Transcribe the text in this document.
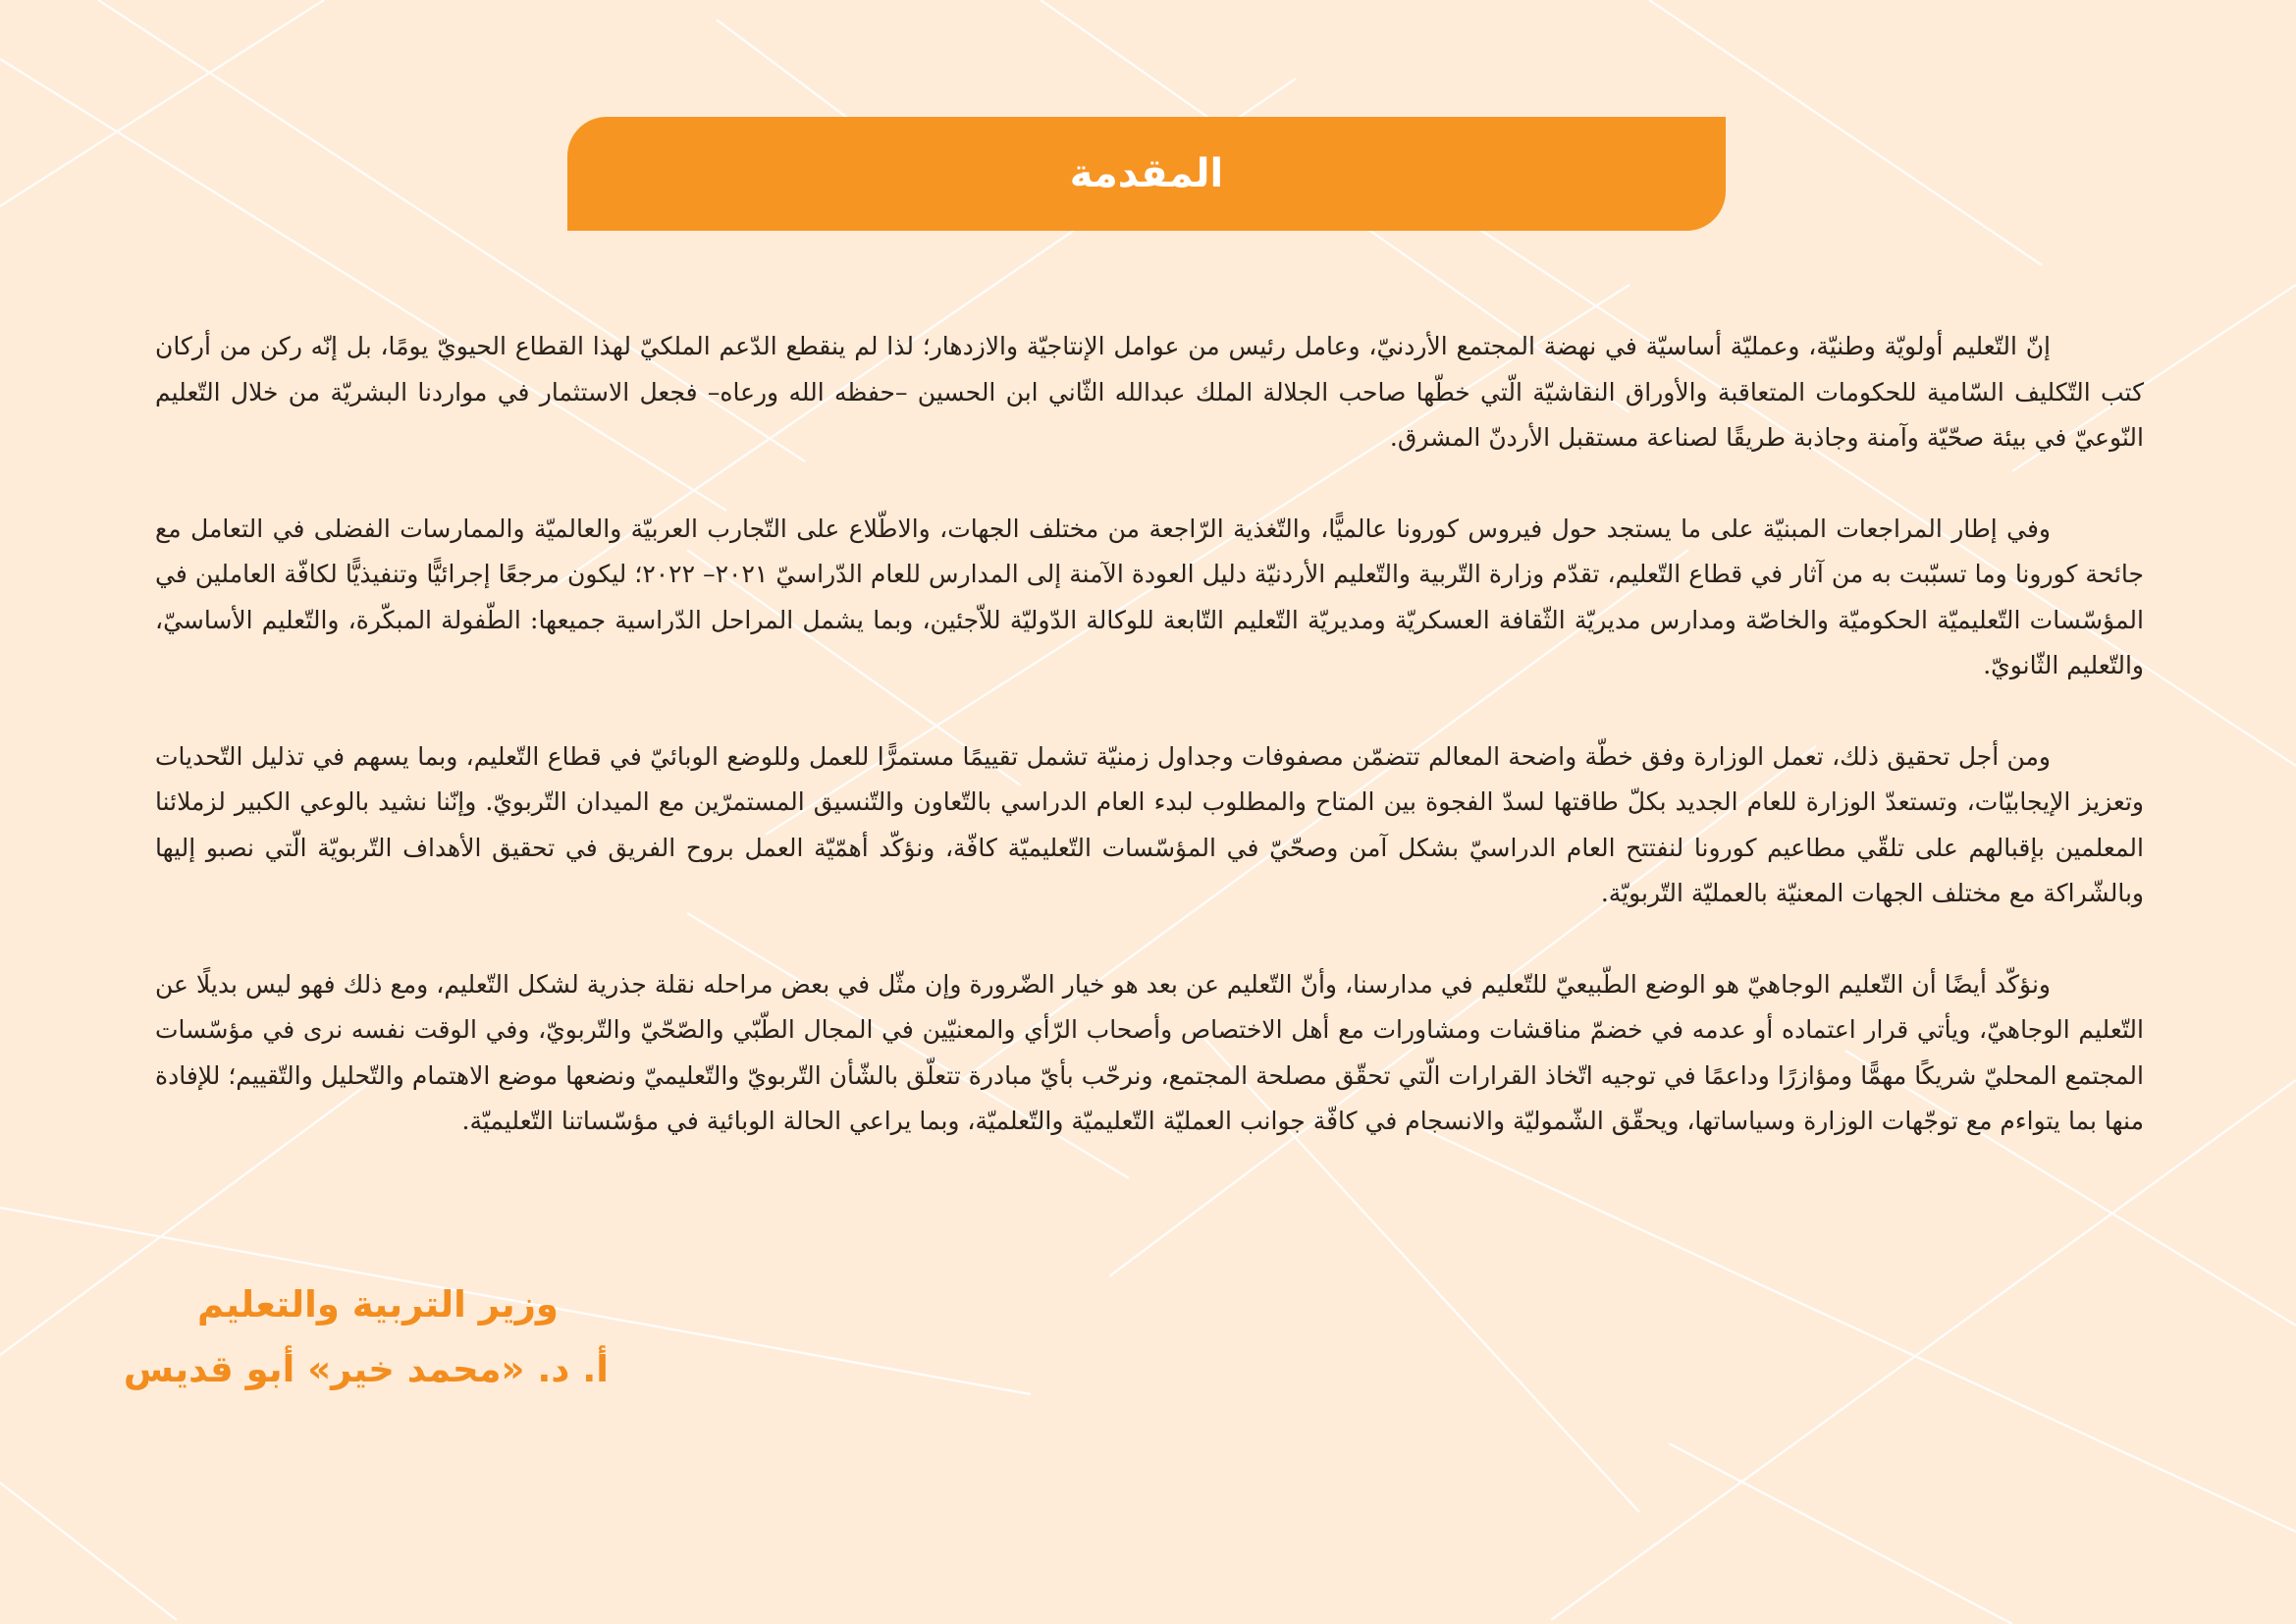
المقدمة

إنّ التّعليم أولويّة وطنيّة، وعمليّة أساسيّة في نهضة المجتمع الأردنيّ، وعامل رئيس من عوامل الإنتاجيّة والازدهار؛ لذا لم ينقطع الدّعم الملكيّ لهذا القطاع الحيويّ يومًا، بل إنّه ركن من أركان كتب التّكليف السّامية للحكومات المتعاقبة والأوراق النقاشيّة الّتي خطّها صاحب الجلالة الملك عبدالله الثّاني ابن الحسين –حفظه الله ورعاه– فجعل الاستثمار في مواردنا البشريّة من خلال التّعليم النّوعيّ في بيئة صحّيّة وآمنة وجاذبة طريقًا لصناعة مستقبل الأردنّ المشرق.

وفي إطار المراجعات المبنيّة على ما يستجد حول فيروس كورونا عالميًّا، والتّغذية الرّاجعة من مختلف الجهات، والاطّلاع على التّجارب العربيّة والعالميّة والممارسات الفضلى في التعامل مع جائحة كورونا وما تسبّبت به من آثار في قطاع التّعليم، تقدّم وزارة التّربية والتّعليم الأردنيّة دليل العودة الآمنة إلى المدارس للعام الدّراسيّ ٢٠٢١– ٢٠٢٢؛ ليكون مرجعًا إجرائيًّا وتنفيذيًّا لكافّة العاملين في المؤسّسات التّعليميّة الحكوميّة والخاصّة ومدارس مديريّة الثّقافة العسكريّة ومديريّة التّعليم التّابعة للوكالة الدّوليّة للاّجئين، وبما يشمل المراحل الدّراسية جميعها: الطّفولة المبكّرة، والتّعليم الأساسيّ، والتّعليم الثّانويّ.

ومن أجل تحقيق ذلك، تعمل الوزارة وفق خطّة واضحة المعالم تتضمّن مصفوفات وجداول زمنيّة تشمل تقييمًا مستمرًّا للعمل وللوضع الوبائيّ في قطاع التّعليم، وبما يسهم في تذليل التّحديات وتعزيز الإيجابيّات، وتستعدّ الوزارة للعام الجديد بكلّ طاقتها لسدّ الفجوة بين المتاح والمطلوب لبدء العام الدراسي بالتّعاون والتّنسيق المستمرّين مع الميدان التّربويّ. وإنّنا نشيد بالوعي الكبير لزملائنا المعلمين بإقبالهم على تلقّي مطاعيم كورونا لنفتتح العام الدراسيّ بشكل آمن وصحّيّ في المؤسّسات التّعليميّة كافّة، ونؤكّد أهمّيّة العمل بروح الفريق في تحقيق الأهداف التّربويّة الّتي نصبو إليها وبالشّراكة مع مختلف الجهات المعنيّة بالعمليّة التّربويّة.

ونؤكّد أيضًا أن التّعليم الوجاهيّ هو الوضع الطّبيعيّ للتّعليم في مدارسنا، وأنّ التّعليم عن بعد هو خيار الضّرورة وإن مثّل في بعض مراحله نقلة جذرية لشكل التّعليم، ومع ذلك فهو ليس بديلًا عن التّعليم الوجاهيّ، ويأتي قرار اعتماده أو عدمه في خضمّ مناقشات ومشاورات مع أهل الاختصاص وأصحاب الرّأي والمعنيّين في المجال الطّبّي والصّحّيّ والتّربويّ، وفي الوقت نفسه نرى في مؤسّسات المجتمع المحليّ شريكًا مهمًّا ومؤازرًا وداعمًا في توجيه اتّخاذ القرارات الّتي تحقّق مصلحة المجتمع، ونرحّب بأيّ مبادرة تتعلّق بالشّأن التّربويّ والتّعليميّ ونضعها موضع الاهتمام والتّحليل والتّقييم؛ للإفادة منها بما يتواءم مع توجّهات الوزارة وسياساتها، ويحقّق الشّموليّة والانسجام في كافّة جوانب العمليّة التّعليميّة والتّعلميّة، وبما يراعي الحالة الوبائية في مؤسّساتنا التّعليميّة.

وزير التربية والتعليم
أ. د. «محمد خير» أبو قديس
